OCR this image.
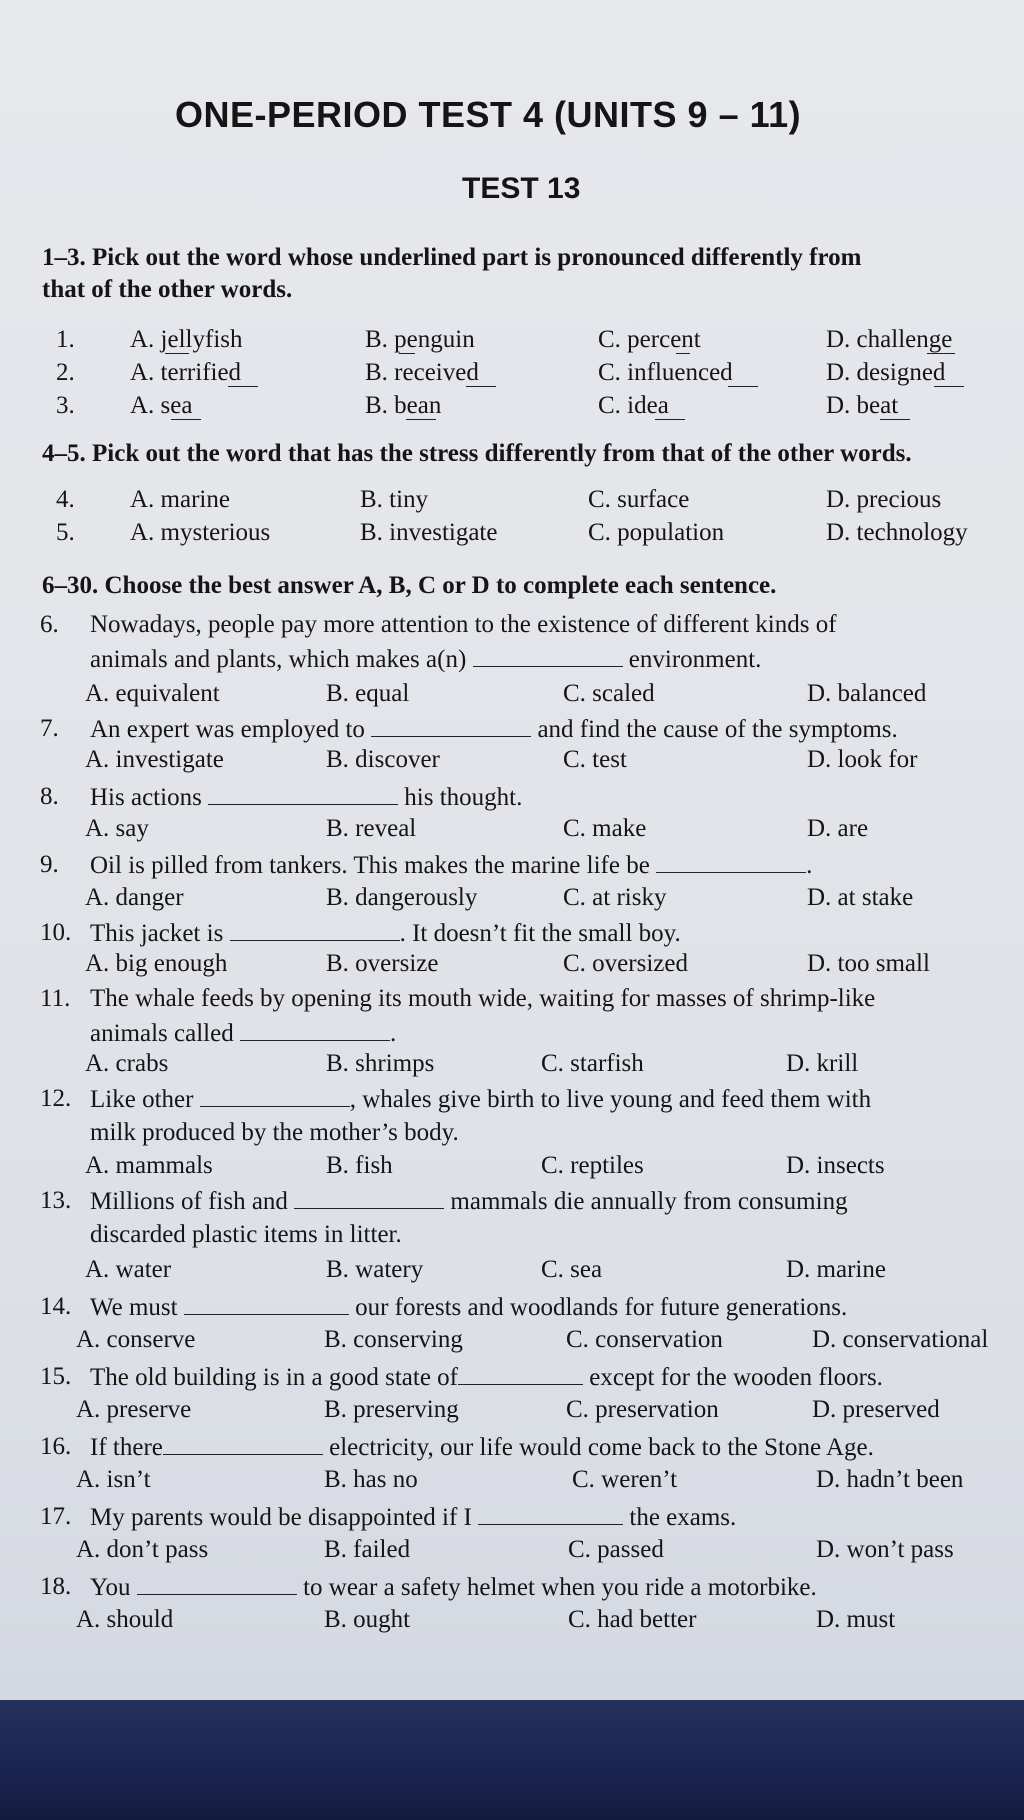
ONE-PERIOD TEST 4 (UNITS 9 – 11)
TEST 13
1–3. Pick out the word whose underlined part is pronounced differently from
that of the other words.
1. A. jellyfish	B. penguin	C. percent	D. challenge
2. A. terrified	B. received	C. influenced	D. designed
3. A. sea	B. bean	C. idea	D. beat
4–5. Pick out the word that has the stress differently from that of the other words.
4. A. marine	B. tiny	C. surface	D. precious
5. A. mysterious	B. investigate	C. population	D. technology
6–30. Choose the best answer A, B, C or D to complete each sentence.
6. Nowadays, people pay more attention to the existence of different kinds of
animals and plants, which makes a(n)	environment.
A. equivalent	B. equal	C. scaled	D. balanced
7. An expert was employed to	and find the cause of the symptoms.
A. investigate	B. discover	C. test	D. look for
8. His actions	his thought.
A. say	B. reveal	C. make	D. are
9. Oil is pilled from tankers. This makes the marine life be	.
A. danger	B. dangerously	C. at risky	D. at stake
10. This jacket is	. It doesn’t fit the small boy.
A. big enough	B. oversize	C. oversized	D. too small
11. The whale feeds by opening its mouth wide, waiting for masses of shrimp-like
animals called	.
A. crabs	B. shrimps	C. starfish	D. krill
12. Like other	, whales give birth to live young and feed them with
milk produced by the mother’s body.
A. mammals	B. fish	C. reptiles	D. insects
13. Millions of fish and	mammals die annually from consuming
discarded plastic items in litter.
A. water	B. watery	C. sea	D. marine
14. We must	our forests and woodlands for future generations.
A. conserve	B. conserving	C. conservation	D. conservational
15. The old building is in a good state of	except for the wooden floors.
A. preserve	B. preserving	C. preservation	D. preserved
16. If there	electricity, our life would come back to the Stone Age.
A. isn’t	B. has no	C. weren’t	D. hadn’t been
17. My parents would be disappointed if I	the exams.
A. don’t pass	B. failed	C. passed	D. won’t pass
18. You	to wear a safety helmet when you ride a motorbike.
A. should	B. ought	C. had better	D. must
